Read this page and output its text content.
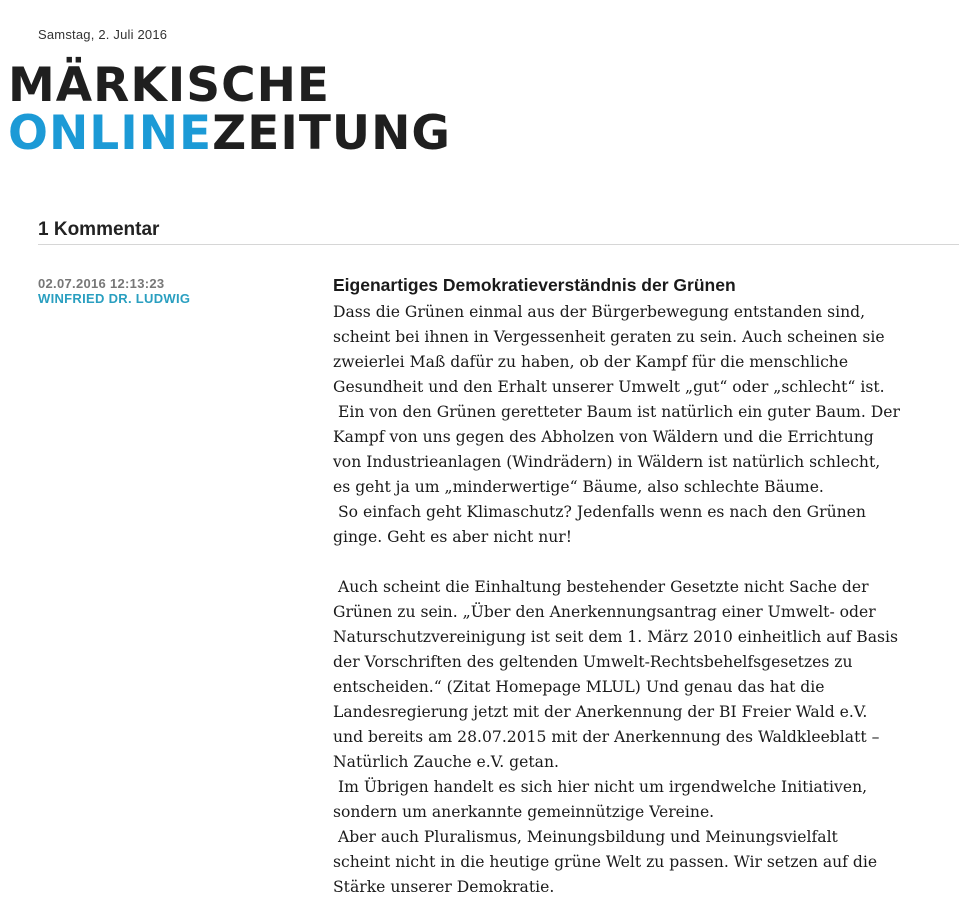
Samstag, 2. Juli 2016
MÄRKISCHE
ONLINEZEITUNG
1 Kommentar
02.07.2016 12:13:23
WINFRIED DR. LUDWIG
Eigenartiges Demokratieverständnis der Grünen
Dass die Grünen einmal aus der Bürgerbewegung entstanden sind,
scheint bei ihnen in Vergessenheit geraten zu sein. Auch scheinen sie
zweierlei Maß dafür zu haben, ob der Kampf für die menschliche
Gesundheit und den Erhalt unserer Umwelt „gut“ oder „schlecht“ ist.
Ein von den Grünen geretteter Baum ist natürlich ein guter Baum. Der
Kampf von uns gegen des Abholzen von Wäldern und die Errichtung
von Industrieanlagen (Windrädern) in Wäldern ist natürlich schlecht,
es geht ja um „minderwertige“ Bäume, also schlechte Bäume.
So einfach geht Klimaschutz? Jedenfalls wenn es nach den Grünen
ginge. Geht es aber nicht nur!
Auch scheint die Einhaltung bestehender Gesetzte nicht Sache der
Grünen zu sein. „Über den Anerkennungsantrag einer Umwelt- oder
Naturschutzvereinigung ist seit dem 1. März 2010 einheitlich auf Basis
der Vorschriften des geltenden Umwelt-Rechtsbehelfsgesetzes zu
entscheiden.“ (Zitat Homepage MLUL) Und genau das hat die
Landesregierung jetzt mit der Anerkennung der BI Freier Wald e.V.
und bereits am 28.07.2015 mit der Anerkennung des Waldkleeblatt –
Natürlich Zauche e.V. getan.
Im Übrigen handelt es sich hier nicht um irgendwelche Initiativen,
sondern um anerkannte gemeinnützige Vereine.
Aber auch Pluralismus, Meinungsbildung und Meinungsvielfalt
scheint nicht in die heutige grüne Welt zu passen. Wir setzen auf die
Stärke unserer Demokratie.
